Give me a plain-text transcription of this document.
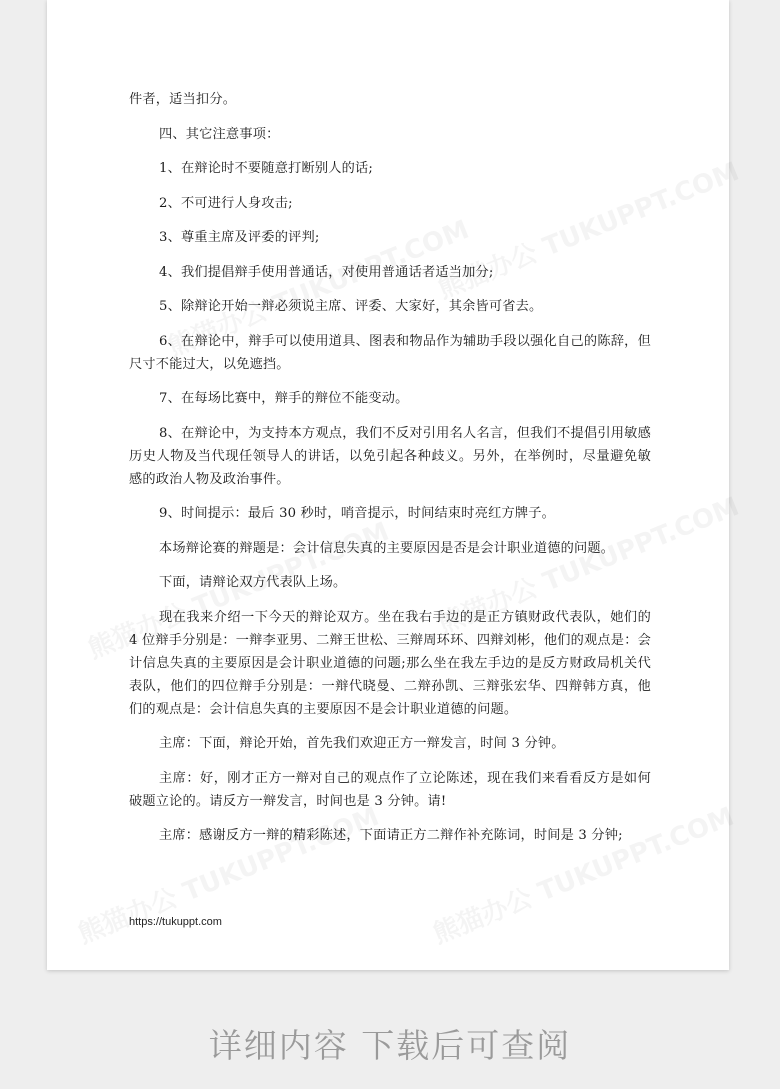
件者，适当扣分。

四、其它注意事项：

1、在辩论时不要随意打断别人的话;

2、不可进行人身攻击;

3、尊重主席及评委的评判;

4、我们提倡辩手使用普通话，对使用普通话者适当加分;

5、除辩论开始一辩必须说主席、评委、大家好，其余皆可省去。

6、在辩论中，辩手可以使用道具、图表和物品作为辅助手段以强化自己的陈辞，但尺寸不能过大，以免遮挡。

7、在每场比赛中，辩手的辩位不能变动。

8、在辩论中，为支持本方观点，我们不反对引用名人名言，但我们不提倡引用敏感历史人物及当代现任领导人的讲话，以免引起各种歧义。另外，在举例时，尽量避免敏感的政治人物及政治事件。

9、时间提示：最后 30 秒时，哨音提示，时间结束时亮红方牌子。

本场辩论赛的辩题是：会计信息失真的主要原因是否是会计职业道德的问题。

下面，请辩论双方代表队上场。

现在我来介绍一下今天的辩论双方。坐在我右手边的是正方镇财政代表队，她们的 4 位辩手分别是：一辩李亚男、二辩王世松、三辩周环环、四辩刘彬，他们的观点是：会计信息失真的主要原因是会计职业道德的问题;那么坐在我左手边的是反方财政局机关代表队，他们的四位辩手分别是：一辩代晓曼、二辩孙凯、三辩张宏华、四辩韩方真，他们的观点是：会计信息失真的主要原因不是会计职业道德的问题。

主席：下面，辩论开始，首先我们欢迎正方一辩发言，时间 3 分钟。

主席：好，刚才正方一辩对自己的观点作了立论陈述，现在我们来看看反方是如何破题立论的。请反方一辩发言，时间也是 3 分钟。请!

主席：感谢反方一辩的精彩陈述，下面请正方二辩作补充陈词，时间是 3 分钟;

https://tukuppt.com
详细内容 下载后可查阅
